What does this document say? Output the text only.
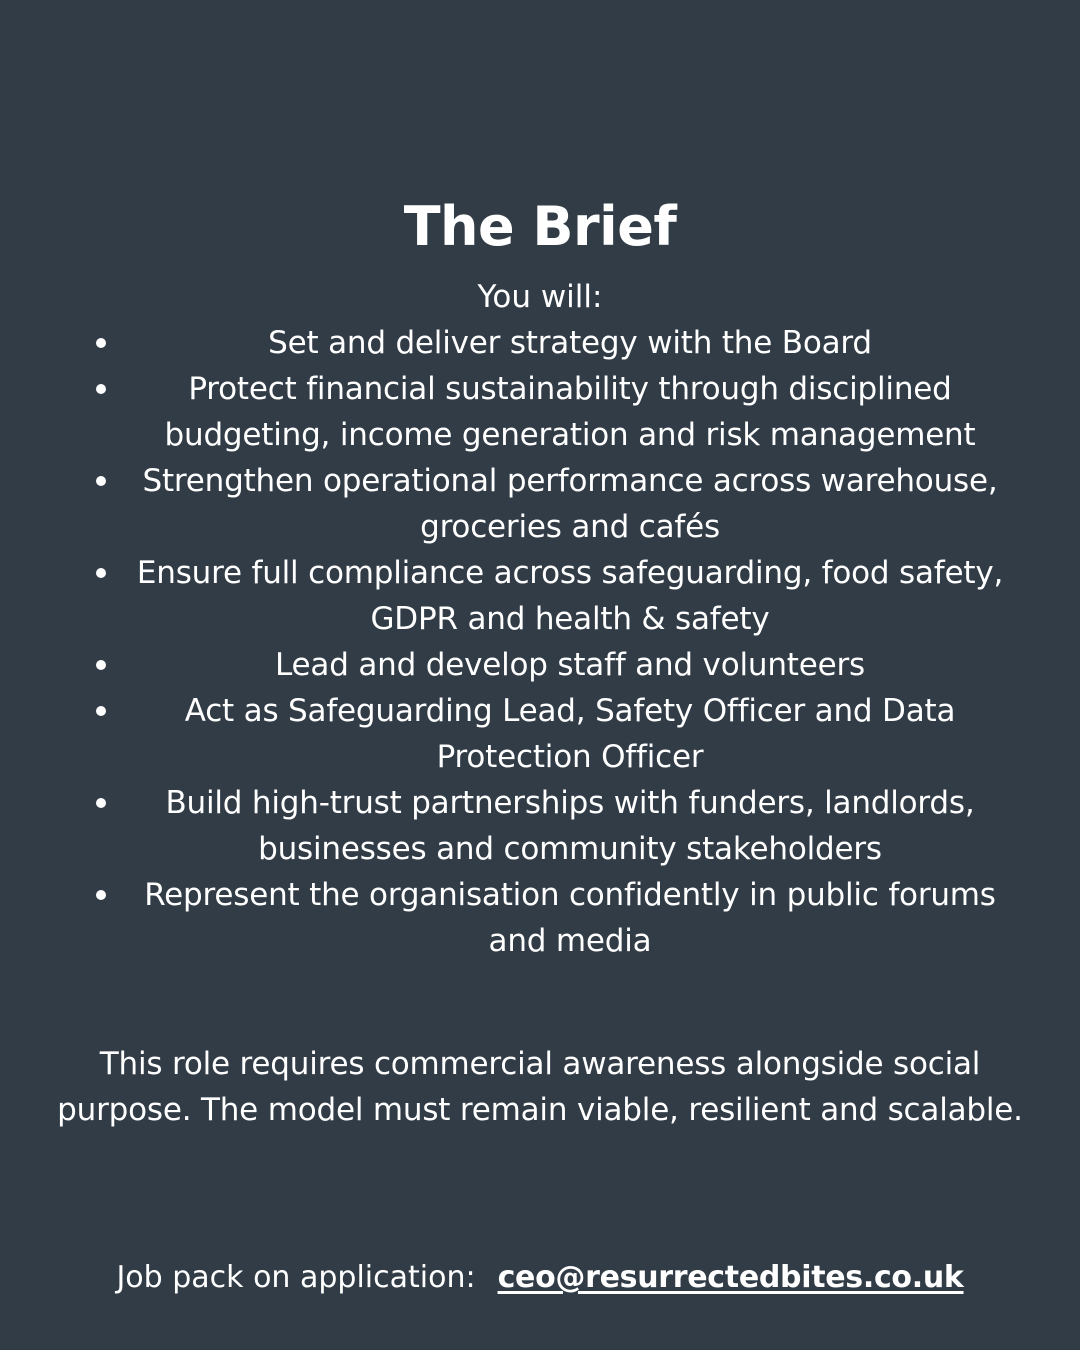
The Brief
You will:
Set and deliver strategy with the Board
Protect financial sustainability through disciplined budgeting, income generation and risk management
Strengthen operational performance across warehouse, groceries and cafés
Ensure full compliance across safeguarding, food safety, GDPR and health & safety
Lead and develop staff and volunteers
Act as Safeguarding Lead, Safety Officer and Data Protection Officer
Build high-trust partnerships with funders, landlords, businesses and community stakeholders
Represent the organisation confidently in public forums and media

This role requires commercial awareness alongside social purpose. The model must remain viable, resilient and scalable.

Job pack on application: ceo@resurrectedbites.co.uk
